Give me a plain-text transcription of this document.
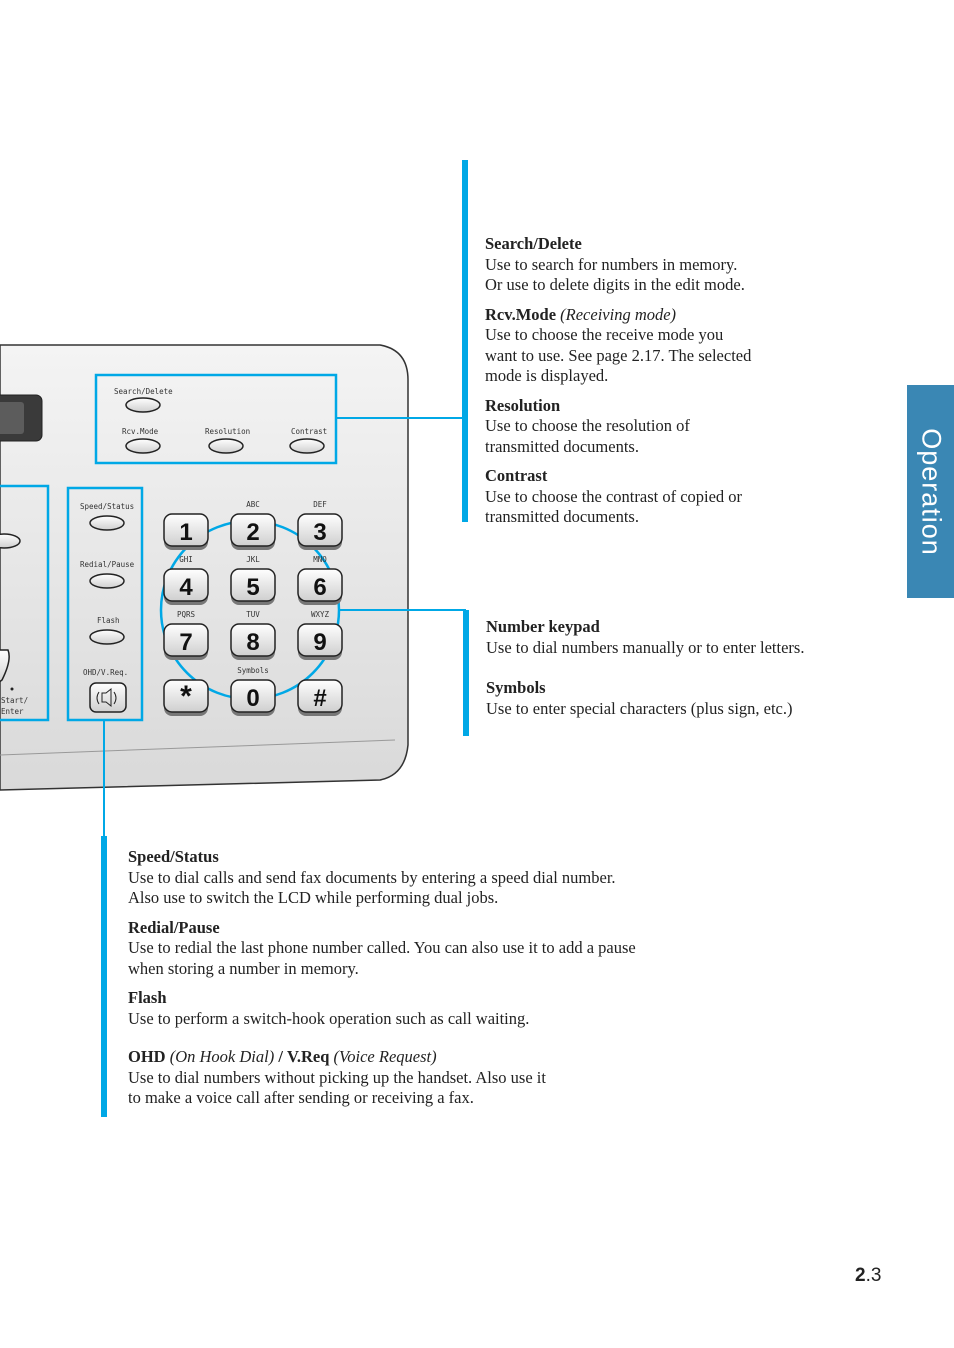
Operation
2.3
Search/Delete
Rcv.Mode	Resolution	Contrast
Speed/Status
Redial/Pause
Flash
OHD/V.Req.
Start/
Enter
ABC	DEF
GHI	JKL	MNO
PQRS	TUV	WXYZ
Symbols
1 2 3
4 5 6
7 8 9
* 0 #

Search/Delete
Use to search for numbers in memory.
Or use to delete digits in the edit mode.

Rcv.Mode (Receiving mode)
Use to choose the receive mode you
want to use. See page 2.17. The selected
mode is displayed.

Resolution
Use to choose the resolution of
transmitted documents.

Contrast
Use to choose the contrast of copied or
transmitted documents.

Number keypad
Use to dial numbers manually or to enter letters.

Symbols
Use to enter special characters (plus sign, etc.)

Speed/Status
Use to dial calls and send fax documents by entering a speed dial number.
Also use to switch the LCD while performing dual jobs.

Redial/Pause
Use to redial the last phone number called. You can also use it to add a pause
when storing a number in memory.

Flash
Use to perform a switch-hook operation such as call waiting.

OHD (On Hook Dial) / V.Req (Voice Request)
Use to dial numbers without picking up the handset. Also use it
to make a voice call after sending or receiving a fax.
